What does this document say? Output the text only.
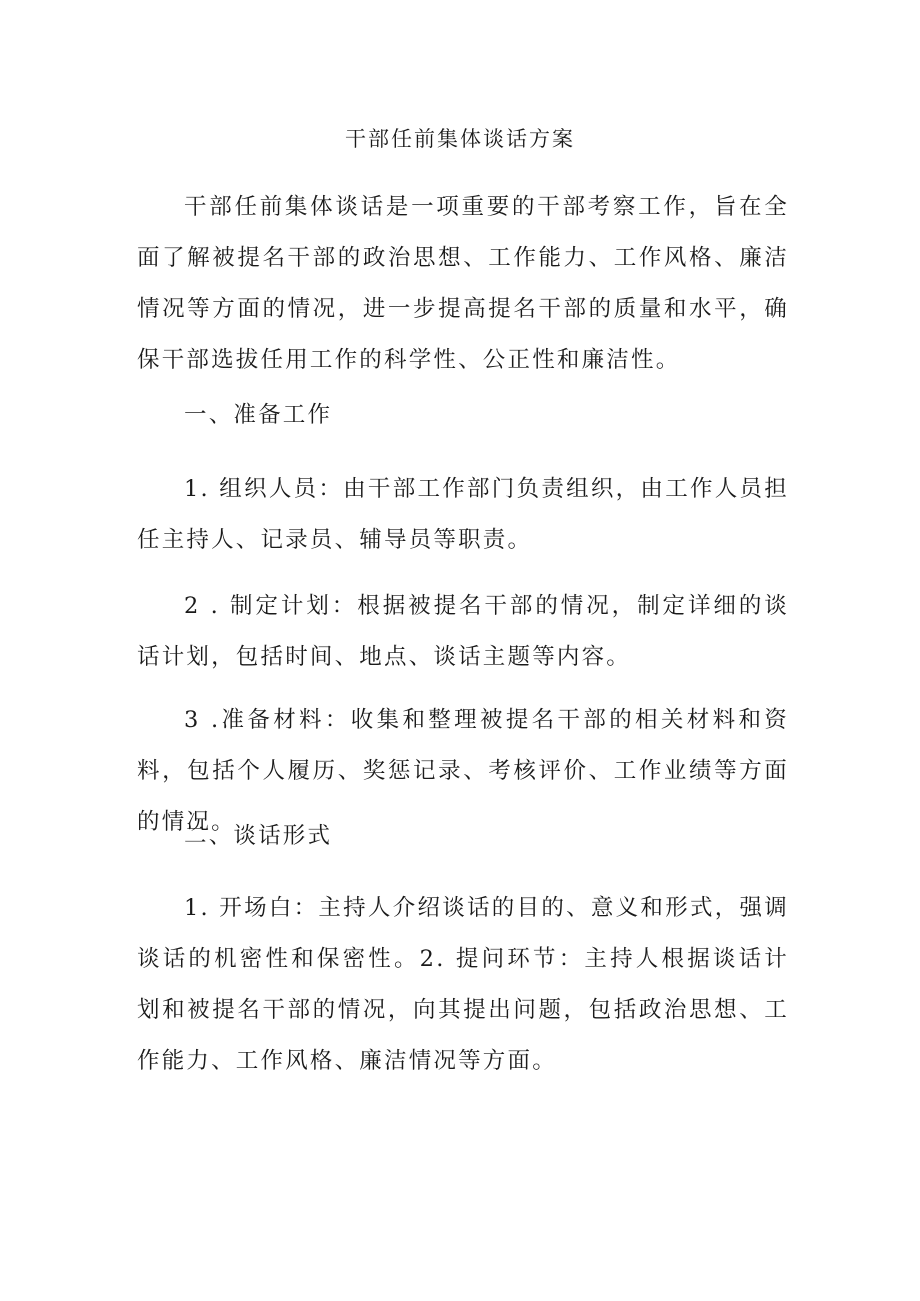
干部任前集体谈话方案

干部任前集体谈话是一项重要的干部考察工作，旨在全面了解被提名干部的政治思想、工作能力、工作风格、廉洁情况等方面的情况，进一步提高提名干部的质量和水平，确保干部选拔任用工作的科学性、公正性和廉洁性。

一、准备工作

1. 组织人员：由干部工作部门负责组织，由工作人员担任主持人、记录员、辅导员等职责。

2 . 制定计划：根据被提名干部的情况，制定详细的谈话计划，包括时间、地点、谈话主题等内容。

3 .准备材料：收集和整理被提名干部的相关材料和资料，包括个人履历、奖惩记录、考核评价、工作业绩等方面的情况。

二、谈话形式

1. 开场白：主持人介绍谈话的目的、意义和形式，强调谈话的机密性和保密性。2. 提问环节：主持人根据谈话计划和被提名干部的情况，向其提出问题，包括政治思想、工作能力、工作风格、廉洁情况等方面。
